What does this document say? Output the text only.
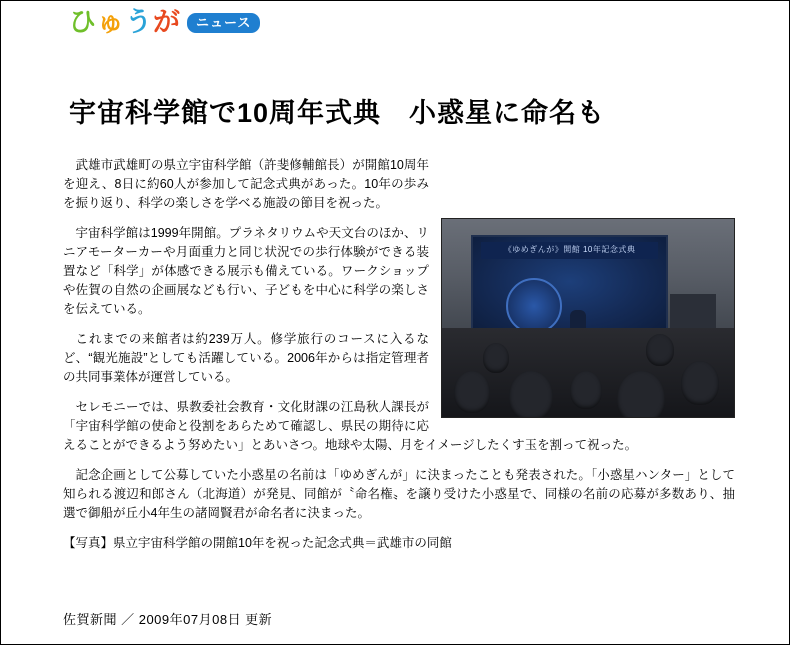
ひゅうが	ニュース
宇宙科学館で10周年式典　小惑星に命名も
《ゆめぎんが》開館 10年記念式典

武雄市武雄町の県立宇宙科学館（許斐修輔館長）が開館10周年を迎え、8日に約60人が参加して記念式典があった。10年の歩みを振り返り、科学の楽しさを学べる施設の節目を祝った。

宇宙科学館は1999年開館。プラネタリウムや天文台のほか、リニアモーターカーや月面重力と同じ状況での歩行体験ができる装置など「科学」が体感できる展示も備えている。ワークショップや佐賀の自然の企画展なども行い、子どもを中心に科学の楽しさを伝えている。

これまでの来館者は約239万人。修学旅行のコースに入るなど、“観光施設”としても活躍している。2006年からは指定管理者の共同事業体が運営している。

セレモニーでは、県教委社会教育・文化財課の江島秋人課長が「宇宙科学館の使命と役割をあらためて確認し、県民の期待に応えることができるよう努めたい」とあいさつ。地球や太陽、月をイメージしたくす玉を割って祝った。

記念企画として公募していた小惑星の名前は「ゆめぎんが」に決まったことも発表された。「小惑星ハンター」として知られる渡辺和郎さん（北海道）が発見、同館が〝命名権〟を譲り受けた小惑星で、同様の名前の応募が多数あり、抽選で御船が丘小4年生の諸岡賢君が命名者に決まった。

【写真】県立宇宙科学館の開館10年を祝った記念式典＝武雄市の同館
佐賀新聞 ／ 2009年07月08日 更新
